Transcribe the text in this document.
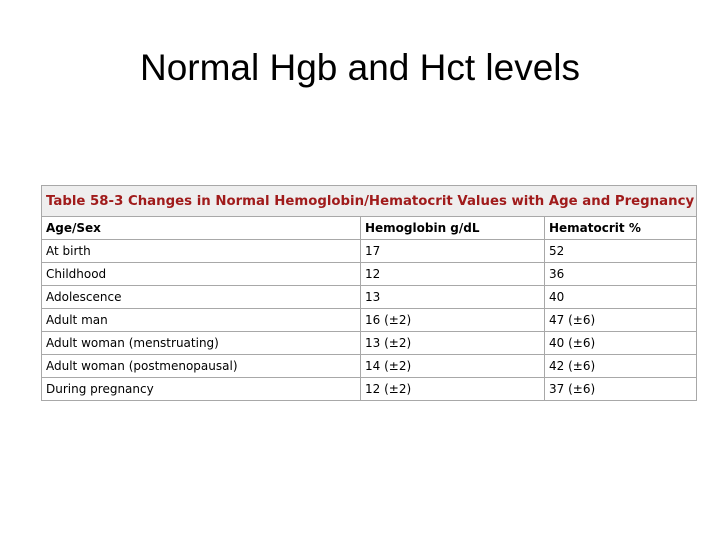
Normal Hgb and Hct levels
Table 58-3 Changes in Normal Hemoglobin/Hematocrit Values with Age and Pregnancy		
Age/Sex	Hemoglobin g/dL	Hematocrit %
At birth	17	52
Childhood	12	36
Adolescence	13	40
Adult man	16 (±2)	47 (±6)
Adult woman (menstruating)	13 (±2)	40 (±6)
Adult woman (postmenopausal)	14 (±2)	42 (±6)
During pregnancy	12 (±2)	37 (±6)
